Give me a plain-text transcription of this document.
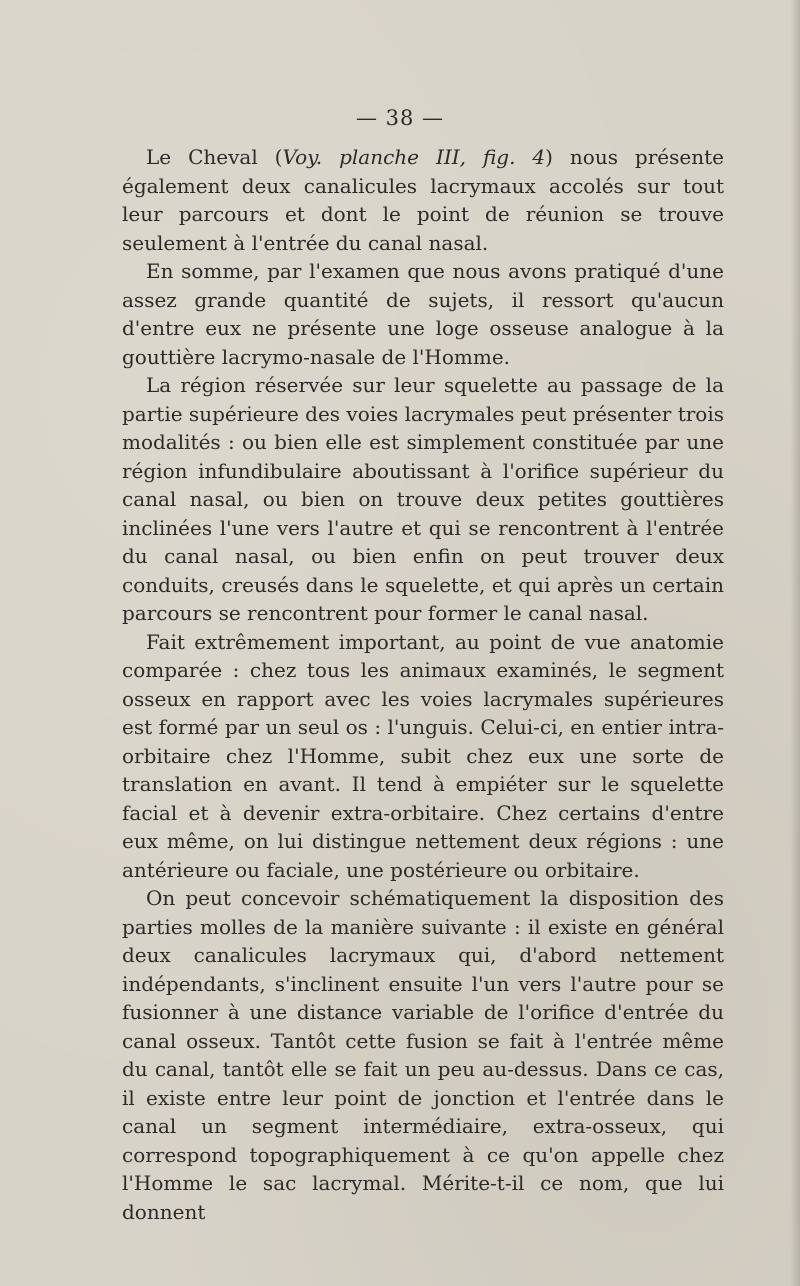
— 38 —

Le Cheval (Voy. planche III, fig. 4) nous présente également deux canalicules lacrymaux accolés sur tout leur parcours et dont le point de réunion se trouve seulement à l'entrée du canal nasal.

En somme, par l'examen que nous avons pratiqué d'une assez grande quantité de sujets, il ressort qu'aucun d'entre eux ne présente une loge osseuse analogue à la gouttière lacrymo-nasale de l'Homme.

La région réservée sur leur squelette au passage de la partie supérieure des voies lacrymales peut présenter trois modalités : ou bien elle est simplement constituée par une région infundibulaire aboutissant à l'orifice supérieur du canal nasal, ou bien on trouve deux petites gouttières inclinées l'une vers l'autre et qui se rencontrent à l'entrée du canal nasal, ou bien enfin on peut trouver deux conduits, creusés dans le squelette, et qui après un certain parcours se rencontrent pour former le canal nasal.

Fait extrêmement important, au point de vue anatomie comparée : chez tous les animaux examinés, le segment osseux en rapport avec les voies lacrymales supérieures est formé par un seul os : l'unguis. Celui-ci, en entier intra-orbitaire chez l'Homme, subit chez eux une sorte de translation en avant. Il tend à empiéter sur le squelette facial et à devenir extra-orbitaire. Chez certains d'entre eux même, on lui distingue nettement deux régions : une antérieure ou faciale, une postérieure ou orbitaire.

On peut concevoir schématiquement la disposition des parties molles de la manière suivante : il existe en général deux canalicules lacrymaux qui, d'abord nettement indépendants, s'inclinent ensuite l'un vers l'autre pour se fusionner à une distance variable de l'orifice d'entrée du canal osseux. Tantôt cette fusion se fait à l'entrée même du canal, tantôt elle se fait un peu au-dessus. Dans ce cas, il existe entre leur point de jonction et l'entrée dans le canal un segment intermédiaire, extra-osseux, qui correspond topographiquement à ce qu'on appelle chez l'Homme le sac lacrymal. Mérite-t-il ce nom, que lui donnent
